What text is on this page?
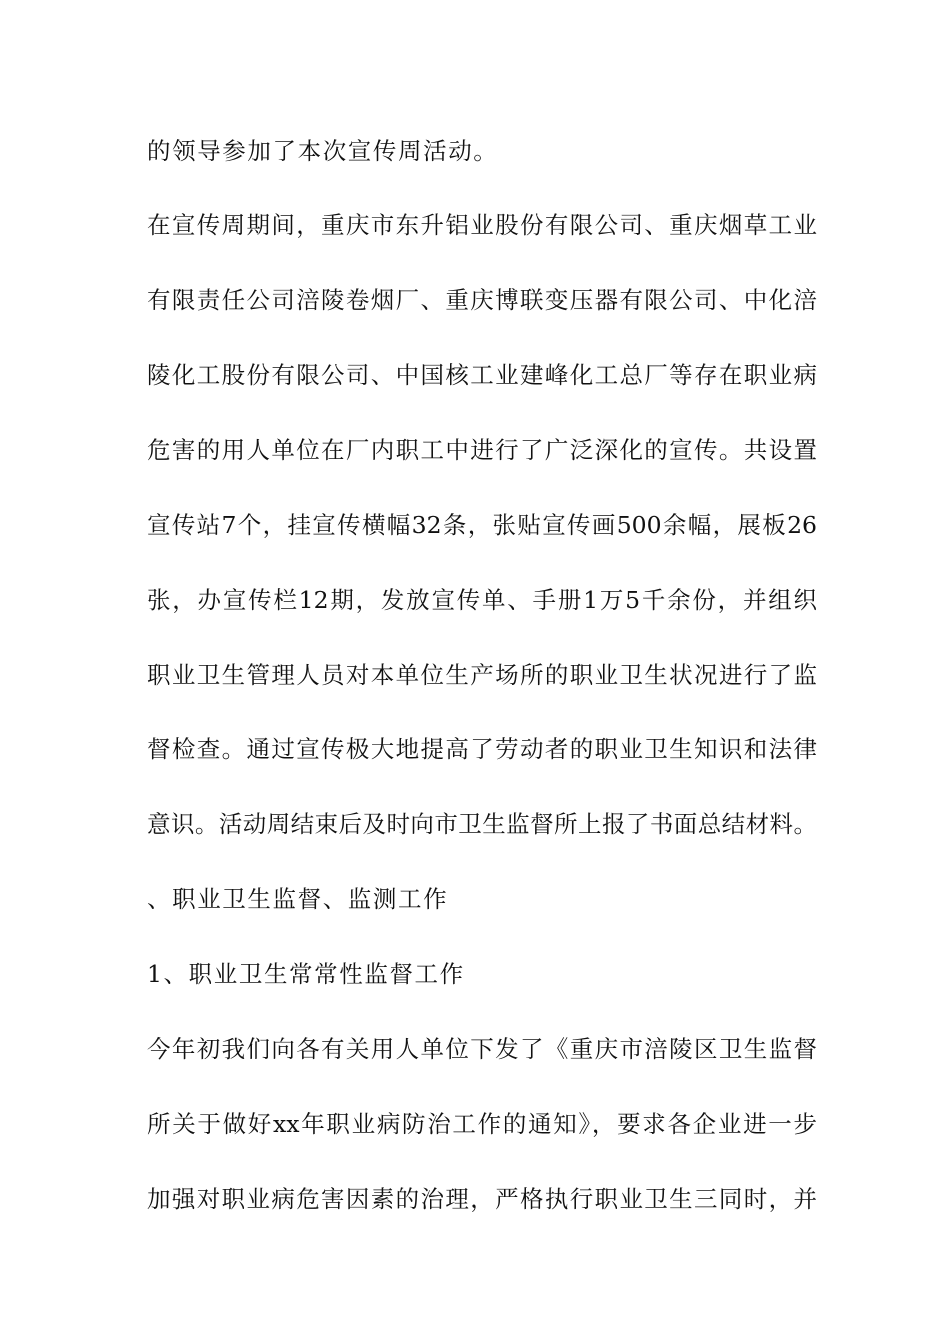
的领导参加了本次宣传周活动。
在宣传周期间，重庆市东升铝业股份有限公司、重庆烟草工业
有限责任公司涪陵卷烟厂、重庆博联变压器有限公司、中化涪
陵化工股份有限公司、中国核工业建峰化工总厂等存在职业病
危害的用人单位在厂内职工中进行了广泛深化的宣传。共设置
宣传站7个，挂宣传横幅32条，张贴宣传画500余幅，展板26
张，办宣传栏12期，发放宣传单、手册1万5千余份，并组织
职业卫生管理人员对本单位生产场所的职业卫生状况进行了监
督检查。通过宣传极大地提高了劳动者的职业卫生知识和法律
意识。活动周结束后及时向市卫生监督所上报了书面总结材料。
、职业卫生监督、监测工作
1、职业卫生常常性监督工作
今年初我们向各有关用人单位下发了《重庆市涪陵区卫生监督
所关于做好xx年职业病防治工作的通知》，要求各企业进一步
加强对职业病危害因素的治理，严格执行职业卫生三同时，并
